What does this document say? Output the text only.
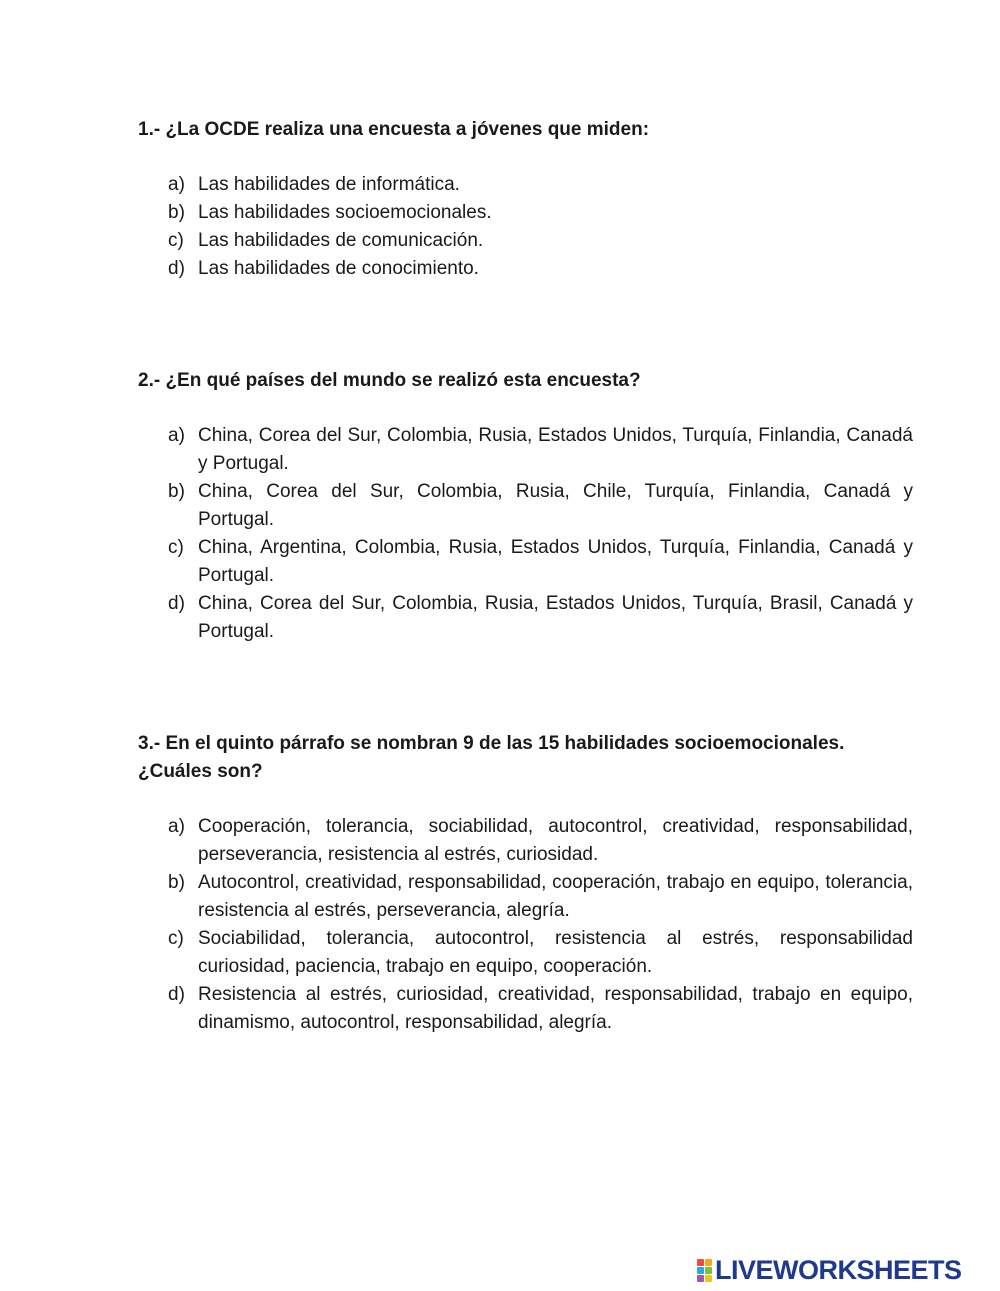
1.- ¿La OCDE realiza una encuesta a jóvenes que miden:

a) Las habilidades de informática.
b) Las habilidades socioemocionales.
c) Las habilidades de comunicación.
d) Las habilidades de conocimiento.

2.- ¿En qué países del mundo se realizó esta encuesta?

a) China, Corea del Sur, Colombia, Rusia, Estados Unidos, Turquía, Finlandia, Canadá y Portugal.
b) China, Corea del Sur, Colombia, Rusia, Chile, Turquía, Finlandia, Canadá y Portugal.
c) China, Argentina, Colombia, Rusia, Estados Unidos, Turquía, Finlandia, Canadá y Portugal.
d) China, Corea del Sur, Colombia, Rusia, Estados Unidos, Turquía, Brasil, Canadá y Portugal.

3.- En el quinto párrafo se nombran 9 de las 15 habilidades socioemocionales. ¿Cuáles son?

a) Cooperación, tolerancia, sociabilidad, autocontrol, creatividad, responsabilidad, perseverancia, resistencia al estrés, curiosidad.
b) Autocontrol, creatividad, responsabilidad, cooperación, trabajo en equipo, tolerancia, resistencia al estrés, perseverancia, alegría.
c) Sociabilidad, tolerancia, autocontrol, resistencia al estrés, responsabilidad curiosidad, paciencia, trabajo en equipo, cooperación.
d) Resistencia al estrés, curiosidad, creatividad, responsabilidad, trabajo en equipo, dinamismo, autocontrol, responsabilidad, alegría.
LIVEWORKSHEETS
